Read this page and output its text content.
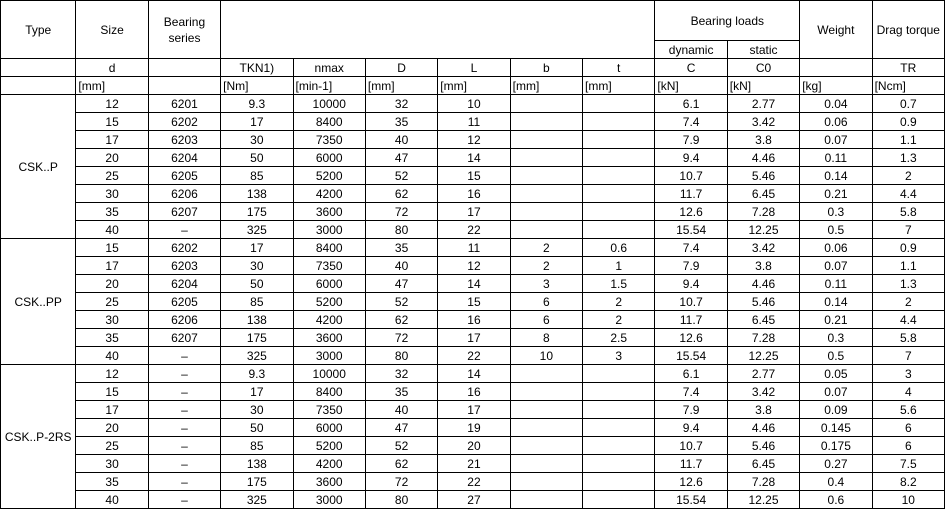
Type	Size	Bearing series							Bearing loads		Weight	Drag torque
									dynamic	static		
	d		TKN1)	nmax	D	L	b	t	C	C0		TR
	[mm]		[Nm]	[min-1]	[mm]	[mm]	[mm]	[mm]	[kN]	[kN]	[kg]	[Ncm]
CSK..P	12	6201	9.3	10000	32	10			6.1	2.77	0.04	0.7
	15	6202	17	8400	35	11			7.4	3.42	0.06	0.9
	17	6203	30	7350	40	12			7.9	3.8	0.07	1.1
	20	6204	50	6000	47	14			9.4	4.46	0.11	1.3
	25	6205	85	5200	52	15			10.7	5.46	0.14	2
	30	6206	138	4200	62	16			11.7	6.45	0.21	4.4
	35	6207	175	3600	72	17			12.6	7.28	0.3	5.8
	40	–	325	3000	80	22			15.54	12.25	0.5	7
CSK..PP	15	6202	17	8400	35	11	2	0.6	7.4	3.42	0.06	0.9
	17	6203	30	7350	40	12	2	1	7.9	3.8	0.07	1.1
	20	6204	50	6000	47	14	3	1.5	9.4	4.46	0.11	1.3
	25	6205	85	5200	52	15	6	2	10.7	5.46	0.14	2
	30	6206	138	4200	62	16	6	2	11.7	6.45	0.21	4.4
	35	6207	175	3600	72	17	8	2.5	12.6	7.28	0.3	5.8
	40	–	325	3000	80	22	10	3	15.54	12.25	0.5	7
CSK..P-2RS	12	–	9.3	10000	32	14			6.1	2.77	0.05	3
	15	–	17	8400	35	16			7.4	3.42	0.07	4
	17	–	30	7350	40	17			7.9	3.8	0.09	5.6
	20	–	50	6000	47	19			9.4	4.46	0.145	6
	25	–	85	5200	52	20			10.7	5.46	0.175	6
	30	–	138	4200	62	21			11.7	6.45	0.27	7.5
	35	–	175	3600	72	22			12.6	7.28	0.4	8.2
	40	–	325	3000	80	27			15.54	12.25	0.6	10
